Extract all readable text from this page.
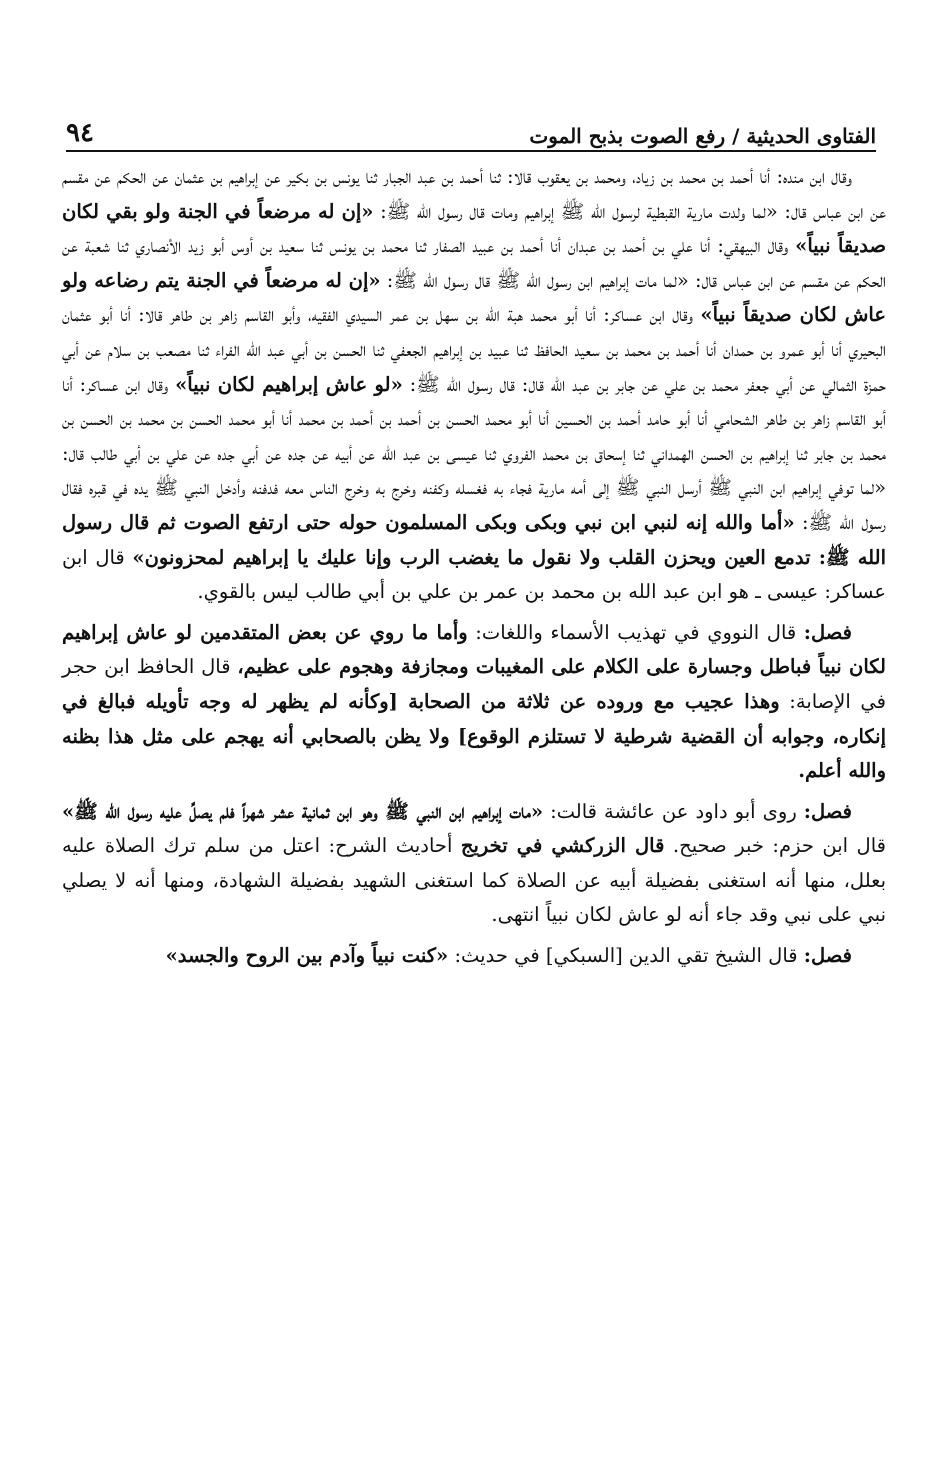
الفتاوى الحديثية / رفع الصوت بذبح الموت
٩٤

وقال ابن منده: أنا أحمد بن محمد بن زياد، ومحمد بن يعقوب قالا: ثنا أحمد بن عبد الجبار ثنا يونس بن بكير عن إبراهيم بن عثمان عن الحكم عن مقسم عن ابن عباس قال: «لما ولدت مارية القبطية لرسول الله ﷺ إبراهيم ومات قال رسول الله ﷺ: «إن له مرضعاً في الجنة ولو بقي لكان صديقاً نبياً» وقال البيهقي: أنا علي بن أحمد بن عبدان أنا أحمد بن عبيد الصفار ثنا محمد بن يونس ثنا سعيد بن أوس أبو زيد الأنصاري ثنا شعبة عن الحكم عن مقسم عن ابن عباس قال: «لما مات إبراهيم ابن رسول الله ﷺ قال رسول الله ﷺ: «إن له مرضعاً في الجنة يتم رضاعه ولو عاش لكان صديقاً نبياً» وقال ابن عساكر: أنا أبو محمد هبة الله بن سهل بن عمر السيدي الفقيه، وأبو القاسم زاهر بن طاهر قالا: أنا أبو عثمان البحيري أنا أبو عمرو بن حمدان أنا أحمد بن محمد بن سعيد الحافظ ثنا عبيد بن إبراهيم الجعفي ثنا الحسن بن أبي عبد الله الفراء ثنا مصعب بن سلام عن أبي حمزة الثمالي عن أبي جعفر محمد بن علي عن جابر بن عبد الله قال: قال رسول الله ﷺ: «لو عاش إبراهيم لكان نبياً» وقال ابن عساكر: أنا أبو القاسم زاهر بن طاهر الشحامي أنا أبو حامد أحمد بن الحسين أنا أبو محمد الحسن بن أحمد بن أحمد بن محمد أنا أبو محمد الحسن بن محمد بن الحسن بن محمد بن جابر ثنا إبراهيم بن الحسن الهمداني ثنا إسحاق بن محمد الفروي ثنا عيسى بن عبد الله عن أبيه عن جده عن أبي جده عن علي بن أبي طالب قال: «لما توفي إبراهيم ابن النبي ﷺ أرسل النبي ﷺ إلى أمه مارية فجاء به فغسله وكفنه وخرج به وخرج الناس معه فدفنه وأدخل النبي ﷺ يده في قبره فقال رسول الله ﷺ: «أما والله إنه لنبي ابن نبي وبكى وبكى المسلمون حوله حتى ارتفع الصوت ثم قال رسول الله ﷺ: تدمع العين ويحزن القلب ولا نقول ما يغضب الرب وإنا عليك يا إبراهيم لمحزونون» قال ابن عساكر: عيسى ـ هو ابن عبد الله بن محمد بن عمر بن علي بن أبي طالب ليس بالقوي.

فصل: قال النووي في تهذيب الأسماء واللغات: وأما ما روي عن بعض المتقدمين لو عاش إبراهيم لكان نبياً فباطل وجسارة على الكلام على المغيبات ومجازفة وهجوم على عظيم، قال الحافظ ابن حجر في الإصابة: وهذا عجيب مع وروده عن ثلاثة من الصحابة [وكأنه لم يظهر له وجه تأويله فبالغ في إنكاره، وجوابه أن القضية شرطية لا تستلزم الوقوع] ولا يظن بالصحابي أنه يهجم على مثل هذا بظنه والله أعلم.

فصل: روى أبو داود عن عائشة قالت: «مات إبراهيم ابن النبي ﷺ وهو ابن ثمانية عشر شهراً فلم يصلِّ عليه رسول الله ﷺ» قال ابن حزم: خبر صحيح. قال الزركشي في تخريج أحاديث الشرح: اعتل من سلم ترك الصلاة عليه بعلل، منها أنه استغنى بفضيلة أبيه عن الصلاة كما استغنى الشهيد بفضيلة الشهادة، ومنها أنه لا يصلي نبي على نبي وقد جاء أنه لو عاش لكان نبياً انتهى.

فصل: قال الشيخ تقي الدين [السبكي] في حديث: «كنت نبياً وآدم بين الروح والجسد»
